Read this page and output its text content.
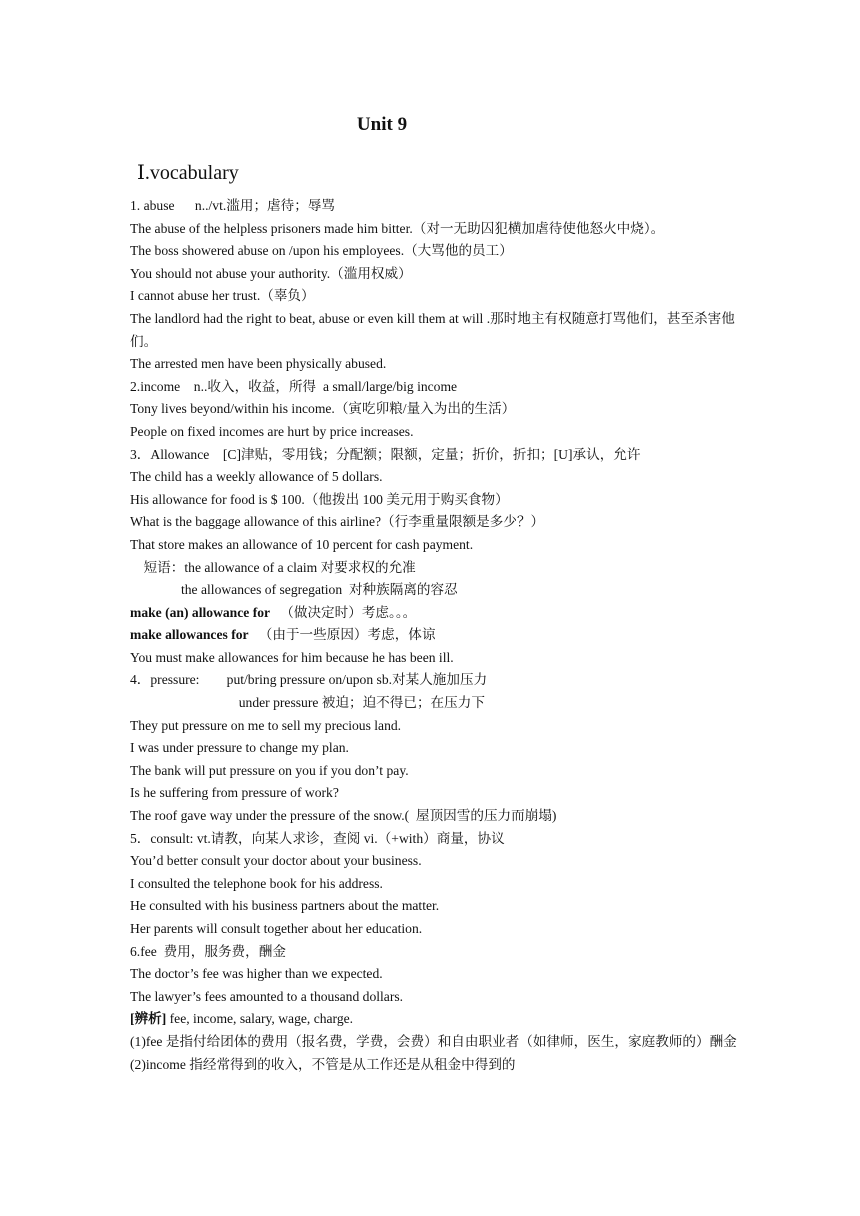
Unit 9
Ⅰ.vocabulary
1. abuse      n../vt.滥用；虐待；辱骂
The abuse of the helpless prisoners made him bitter.（对一无助囚犯横加虐待使他怒火中烧）。
The boss showered abuse on /upon his employees.（大骂他的员工）
You should not abuse your authority.（滥用权威）
I cannot abuse her trust.（辜负）
The landlord had the right to beat, abuse or even kill them at will .那时地主有权随意打骂他们，甚至杀害他们。
The arrested men have been physically abused.
2.income    n..收入，收益，所得  a small/large/big income
Tony lives beyond/within his income.（寅吃卯粮/量入为出的生活）
People on fixed incomes are hurt by price increases.
3．Allowance    [C]津贴，零用钱；分配额；限额，定量；折价，折扣；[U]承认，允许
The child has a weekly allowance of 5 dollars.
His allowance for food is $ 100.（他拨出 100 美元用于购买食物）
What is the baggage allowance of this airline?（行李重量限额是多少？）
That store makes an allowance of 10 percent for cash payment.
短语：the allowance of a claim 对要求权的允准
the allowances of segregation  对种族隔离的容忍
make (an) allowance for   （做决定时）考虑。。。
make allowances for   （由于一些原因）考虑，体谅
You must make allowances for him because he has been ill.
4．pressure:        put/bring pressure on/upon sb.对某人施加压力
under pressure 被迫；迫不得已；在压力下
They put pressure on me to sell my precious land.
I was under pressure to change my plan.
The bank will put pressure on you if you don’t pay.
Is he suffering from pressure of work?
The roof gave way under the pressure of the snow.(  屋顶因雪的压力而崩塌)
5．consult: vt.请教，向某人求诊，查阅 vi.（+with）商量，协议
You’d better consult your doctor about your business.
I consulted the telephone book for his address.
He consulted with his business partners about the matter.
Her parents will consult together about her education.
6.fee  费用，服务费，酬金
The doctor’s fee was higher than we expected.
The lawyer’s fees amounted to a thousand dollars.
[辨析] fee, income, salary, wage, charge.
(1)fee 是指付给团体的费用（报名费，学费，会费）和自由职业者（如律师，医生，家庭教师的）酬金
(2)income 指经常得到的收入，不管是从工作还是从租金中得到的
